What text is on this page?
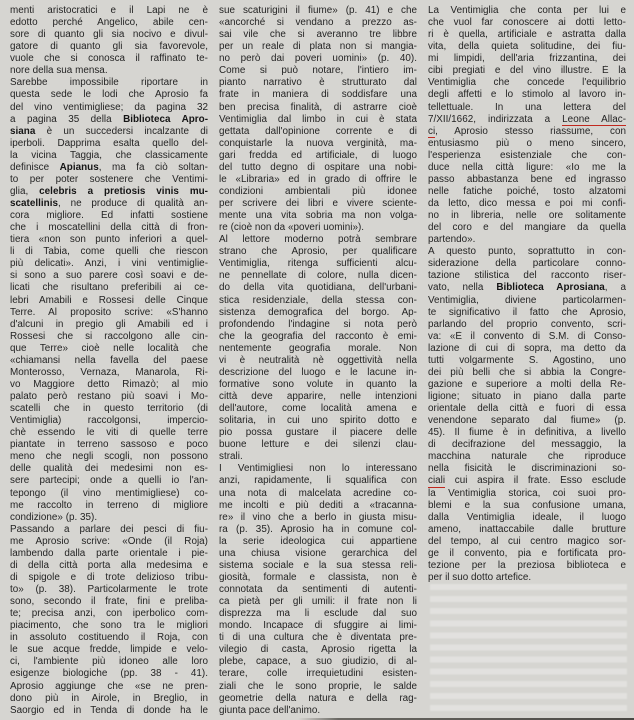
menti aristocratici e il Lapi ne è
edotto perché Angelico, abile cen-
sore di quanto gli sia nocivo e divul-
gatore di quanto gli sia favorevole,
vuole che si conosca il raffinato te-
nore della sua mensa.
Sarebbe impossibile riportare in
questa sede le lodi che Aprosio fa
del vino ventimigliese; da pagina 32
a pagina 35 della Biblioteca Apro-
siana è un succedersi incalzante di
iperboli. Dapprima esalta quello del-
la vicina Taggia, che classicamente
definisce Apianus, ma fa ciò soltan-
to per poter sostenere che Ventimi-
glia, celebris a pretiosis vinis mu-
scatellinis, ne produce di qualità an-
cora migliore. Ed infatti sostiene
che i moscatellini della città di fron-
tiera «non son punto inferiori a quel-
li di Tabia, come quelli che riescon
più delicati». Anzi, i vini ventimiglie-
si sono a suo parere così soavi e de-
licati che risultano preferibili ai ce-
lebri Amabili e Rossesi delle Cinque
Terre. Al proposito scrive: «S'hanno
d'alcuni in pregio gli Amabili ed i
Rossesi che si raccolgono alle cin-
que Terre» cioè nelle località che
«chiamansi nella favella del paese
Monterosso, Vernaza, Manarola, Ri-
vo Maggiore detto Rimazò; al mio
palato però restano più soavi i Mo-
scatelli che in questo territorio (di
Ventimiglia) raccolgonsi, impercio-
chè essendo le viti di quelle terre
piantate in terreno sassoso e poco
meno che negli scogli, non possono
delle qualità dei medesimi non es-
sere partecipi; onde a quelli io l'an-
tepongo (il vino mentimigliese) co-
me raccolto in terreno di migliore
condizione» (p. 35).
Passando a parlare dei pesci di fiu-
me Aprosio scrive: «Onde (il Roja)
lambendo dalla parte orientale i pie-
di della città porta alla medesima e
di spigole e di trote delizioso tribu-
to» (p. 38). Particolarmente le trote
sono, secondo il frate, fini e preliba-
te; precisa anzi, con iperbolico com-
piacimento, che sono tra le migliori
in assoluto costituendo il Roja, con
le sue acque fredde, limpide e velo-
ci, l'ambiente più idoneo alle loro
esigenze biologiche (pp. 38 - 41).
Aprosio aggiunge che «se ne pren-
dono più in Airole, in Breglio, in
Saorgio ed in Tenda di donde ha le
sue scaturigini il fiume» (p. 41) e che
«ancorché si vendano a prezzo as-
sai vile che si averanno tre libbre
per un reale di plata non si mangia-
no però dai poveri uomini» (p. 40).
Come si può notare, l'intiero im-
pianto narrativo è strutturato dal
frate in maniera di soddisfare una
ben precisa finalità, di astrarre cioè
Ventimiglia dal limbo in cui è stata
gettata dall'opinione corrente e di
conquistarle la nuova verginità, ma-
gari fredda ed artificiale, di luogo
del tutto degno di ospitare una nobi-
le «Libraria» ed in grado di offrire le
condizioni ambientali più idonee
per scrivere dei libri e vivere sciente-
mente una vita sobria ma non volga-
re (cioè non da «poveri uomini»).
Al lettore moderno potrà sembrare
strano che Aprosio, per qualificare
Ventimiglia, ritenga sufficienti alcu-
ne pennellate di colore, nulla dicen-
do della vita quotidiana, dell'urbani-
stica residenziale, della stessa con-
sistenza demografica del borgo. Ap-
profondendo l'indagine si nota però
che la geografia del racconto è emi-
nentemente geografia morale. Non
vi è neutralità nè oggettività nella
descrizione del luogo e le lacune in-
formative sono volute in quanto la
città deve apparire, nelle intenzioni
dell'autore, come località amena e
solitaria, in cui uno spirito dotto e
pio possa gustare il piacere delle
buone letture e dei silenzi clau-
strali.
I Ventimigliesi non lo interessano
anzi, rapidamente, li squalifica con
una nota di malcelata acredine co-
me incolti e più dediti a «tracanna-
re» il vino che a berlo in giusta misu-
ra (p. 35). Aprosio ha in comune col-
la serie ideologica cui appartiene
una chiusa visione gerarchica del
sistema sociale e la sua stessa reli-
giosità, formale e classista, non è
connotata da sentimenti di autenti-
ca pietà per gli umili: il frate non li
disprezza ma li esclude dal suo
mondo. Incapace di sfuggire ai limi-
ti di una cultura che è diventata pre-
vilegio di casta, Aprosio rigetta la
plebe, capace, a suo giudizio, di al-
terare, colle irrequietudini esisten-
ziali che le sono proprie, le salde
geometrie della natura e della rag-
giunta pace dell'animo.
La Ventimiglia che conta per lui e
che vuol far conoscere ai dotti letto-
ri è quella, artificiale e astratta dalla
vita, della quieta solitudine, dei fiu-
mi limpidi, dell'aria frizzantina, dei
cibi pregiati e del vino illustre. È la
Ventimiglia che concede l'equilibrio
degli affetti e lo stimolo al lavoro in-
tellettuale. In una lettera del
7/XII/1662, indirizzata a Leone Allac-
ci, Aprosio stesso riassume, con
entusiasmo più o meno sincero,
l'esperienza esistenziale che con-
duce nella città ligure: «Io me la
passo abbastanza bene ed ingrasso
nelle fatiche poiché, tosto alzatomi
da letto, dico messa e poi mi confi-
no in libreria, nelle ore solitamente
del coro e del mangiare da quella
partendo».
A questo punto, soprattutto in con-
siderazione della particolare conno-
tazione stilistica del racconto riser-
vato, nella Biblioteca Aprosiana, a
Ventimiglia, diviene particolarmen-
te significativo il fatto che Aprosio,
parlando del proprio convento, scri-
va: «È il convento di S.M. di Conso-
lazione di cui di sopra, ma detto da
tutti volgarmente S. Agostino, uno
dei più belli che si abbia la Congre-
gazione e superiore a molti della Re-
ligione; situato in piano dalla parte
orientale della città e fuori di essa
venendone separato dal fiume» (p.
45). Il fiume è in definitiva, a livello
di decifrazione del messaggio, la
macchina naturale che riproduce
nella fisicità le discriminazioni so-
ciali cui aspira il frate. Esso esclude
la Ventimiglia storica, coi suoi pro-
blemi e la sua confusione umana,
dalla Ventimiglia ideale, il luogo
ameno, inattaccabile dalle brutture
del tempo, al cui centro magico sor-
ge il convento, pia e fortificata pro-
tezione per la preziosa biblioteca e
per il suo dotto artefice.
